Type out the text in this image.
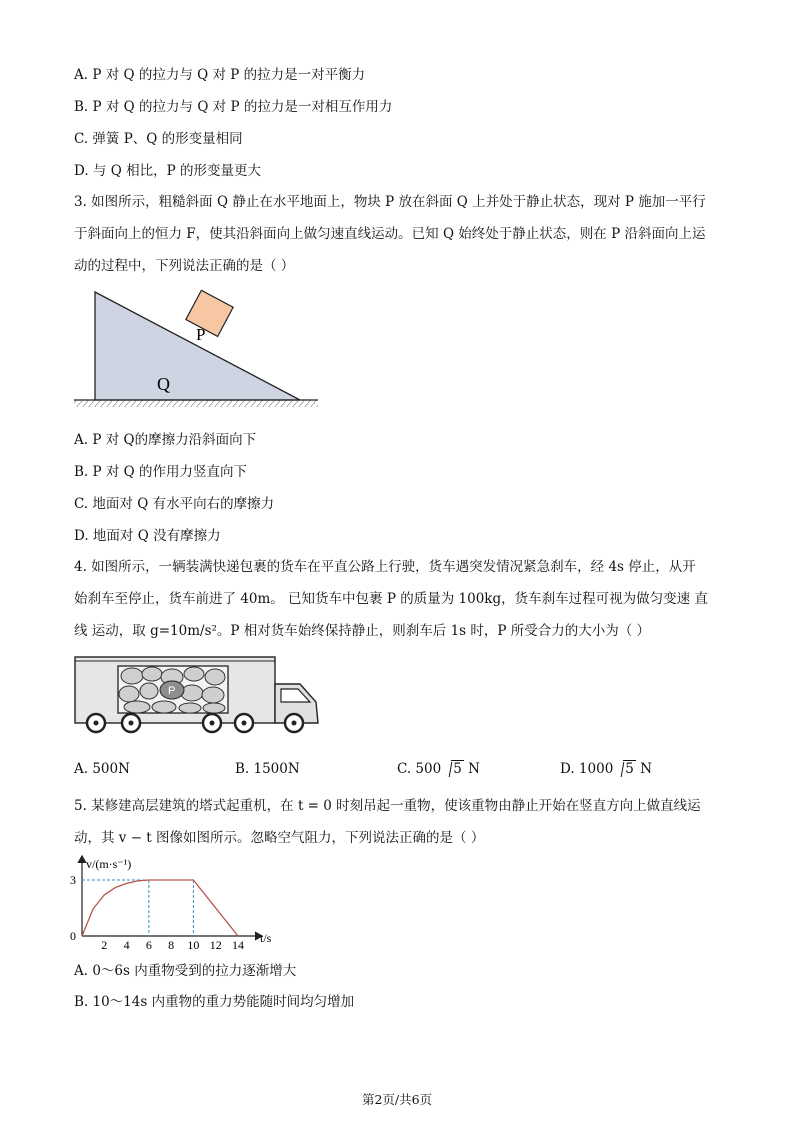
A. P 对 Q 的拉力与 Q 对 P 的拉力是一对平衡力
B. P 对 Q 的拉力与 Q 对 P 的拉力是一对相互作用力
C. 弹簧 P、Q 的形变量相同
D. 与 Q 相比，P 的形变量更大
3. 如图所示，粗糙斜面 Q 静止在水平地面上，物块 P 放在斜面 Q 上并处于静止状态，现对 P 施加一平行
于斜面向上的恒力 F，使其沿斜面向上做匀速直线运动。已知 Q 始终处于静止状态，则在 P 沿斜面向上运
动的过程中，下列说法正确的是（ ）
P
Q
A. P 对 Q的摩擦力沿斜面向下
B. P 对 Q 的作用力竖直向下
C. 地面对 Q 有水平向右的摩擦力
D. 地面对 Q 没有摩擦力
4. 如图所示，一辆装满快递包裹的货车在平直公路上行驶，货车遇突发情况紧急刹车，经 4s 停止，从开
始刹车至停止，货车前进了 40m。 已知货车中包裹 P 的质量为 100kg，货车刹车过程可视为做匀变速 直
线 运动，取 g=10m/s²。P 相对货车始终保持静止，则刹车后 1s 时，P 所受合力的大小为（ ）
P
A. 500N	B. 1500N	C. 500 5 N	D. 1000 5 N
5. 某修建高层建筑的塔式起重机，在 t = 0 时刻吊起一重物，使该重物由静止开始在竖直方向上做直线运
动，其 v − t 图像如图所示。忽略空气阻力，下列说法正确的是（ ）
v/(m·s⁻¹)
t/s
2 4 6 8 10 12 14
0
3
A. 0～6s 内重物受到的拉力逐渐增大
B. 10～14s 内重物的重力势能随时间均匀增加
第2页/共6页
